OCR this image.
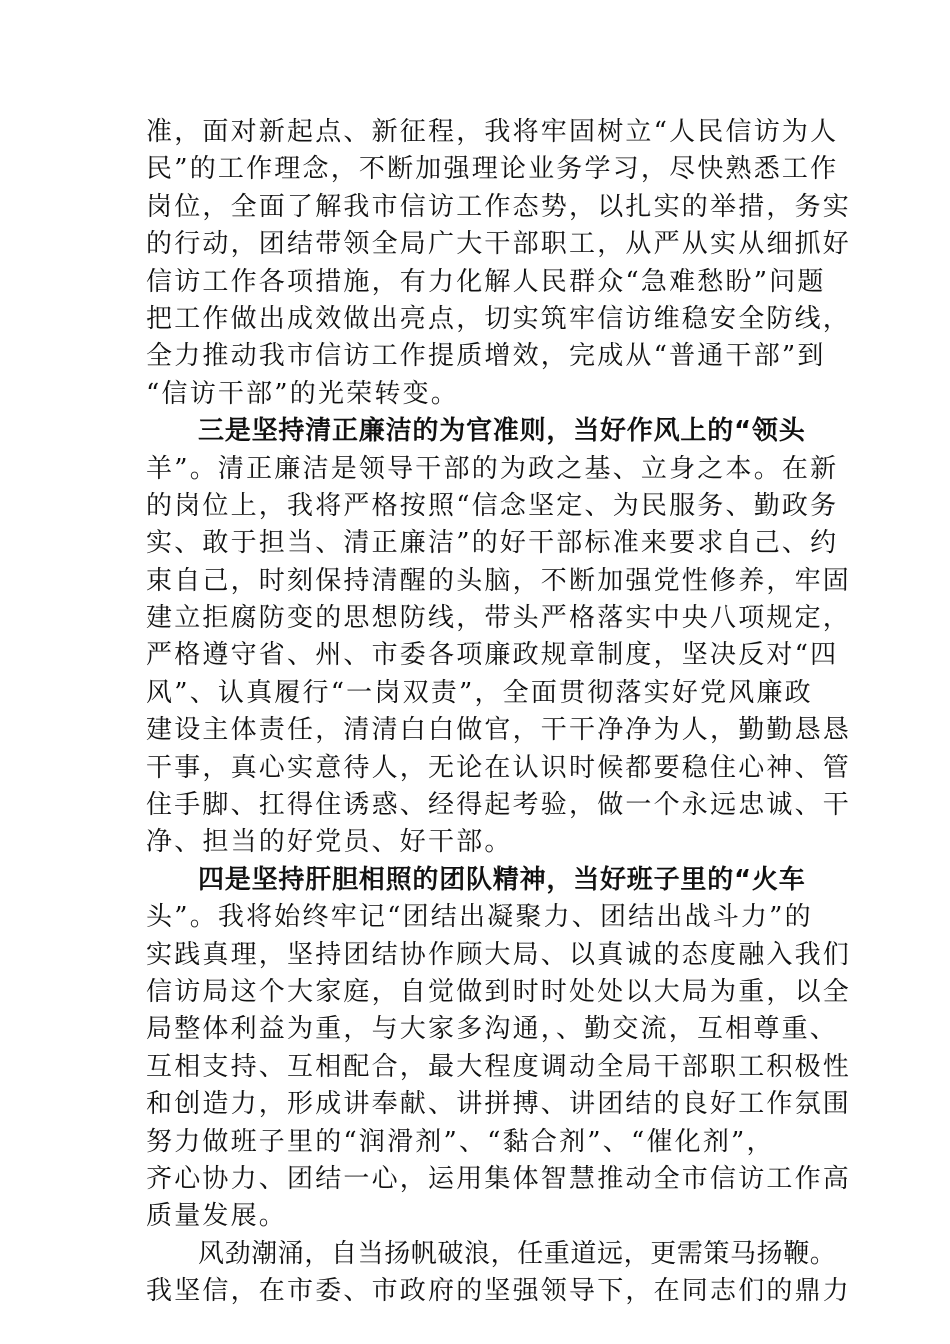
准，面对新起点、新征程，我将牢固树立“人民信访为人
民”的工作理念，不断加强理论业务学习，尽快熟悉工作
岗位，全面了解我市信访工作态势，以扎实的举措，务实
的行动，团结带领全局广大干部职工，从严从实从细抓好
信访工作各项措施，有力化解人民群众“急难愁盼”问题
把工作做出成效做出亮点，切实筑牢信访维稳安全防线，
全力推动我市信访工作提质增效，完成从“普通干部”到
“信访干部”的光荣转变。
三是坚持清正廉洁的为官准则，当好作风上的“领头
羊”。清正廉洁是领导干部的为政之基、立身之本。在新
的岗位上，我将严格按照“信念坚定、为民服务、勤政务
实、敢于担当、清正廉洁”的好干部标准来要求自己、约
束自己，时刻保持清醒的头脑，不断加强党性修养，牢固
建立拒腐防变的思想防线，带头严格落实中央八项规定，
严格遵守省、州、市委各项廉政规章制度，坚决反对“四
风”、认真履行“一岗双责”，全面贯彻落实好党风廉政
建设主体责任，清清白白做官，干干净净为人，勤勤恳恳
干事，真心实意待人，无论在认识时候都要稳住心神、管
住手脚、扛得住诱惑、经得起考验，做一个永远忠诚、干
净、担当的好党员、好干部。
四是坚持肝胆相照的团队精神，当好班子里的“火车
头”。我将始终牢记“团结出凝聚力、团结出战斗力”的
实践真理，坚持团结协作顾大局、以真诚的态度融入我们
信访局这个大家庭，自觉做到时时处处以大局为重，以全
局整体利益为重，与大家多沟通，、勤交流，互相尊重、
互相支持、互相配合，最大程度调动全局干部职工积极性
和创造力，形成讲奉献、讲拼搏、讲团结的良好工作氛围
努力做班子里的“润滑剂”、“黏合剂”、“催化剂”，
齐心协力、团结一心，运用集体智慧推动全市信访工作高
质量发展。
风劲潮涌，自当扬帆破浪，任重道远，更需策马扬鞭。
我坚信，在市委、市政府的坚强领导下，在同志们的鼎力
